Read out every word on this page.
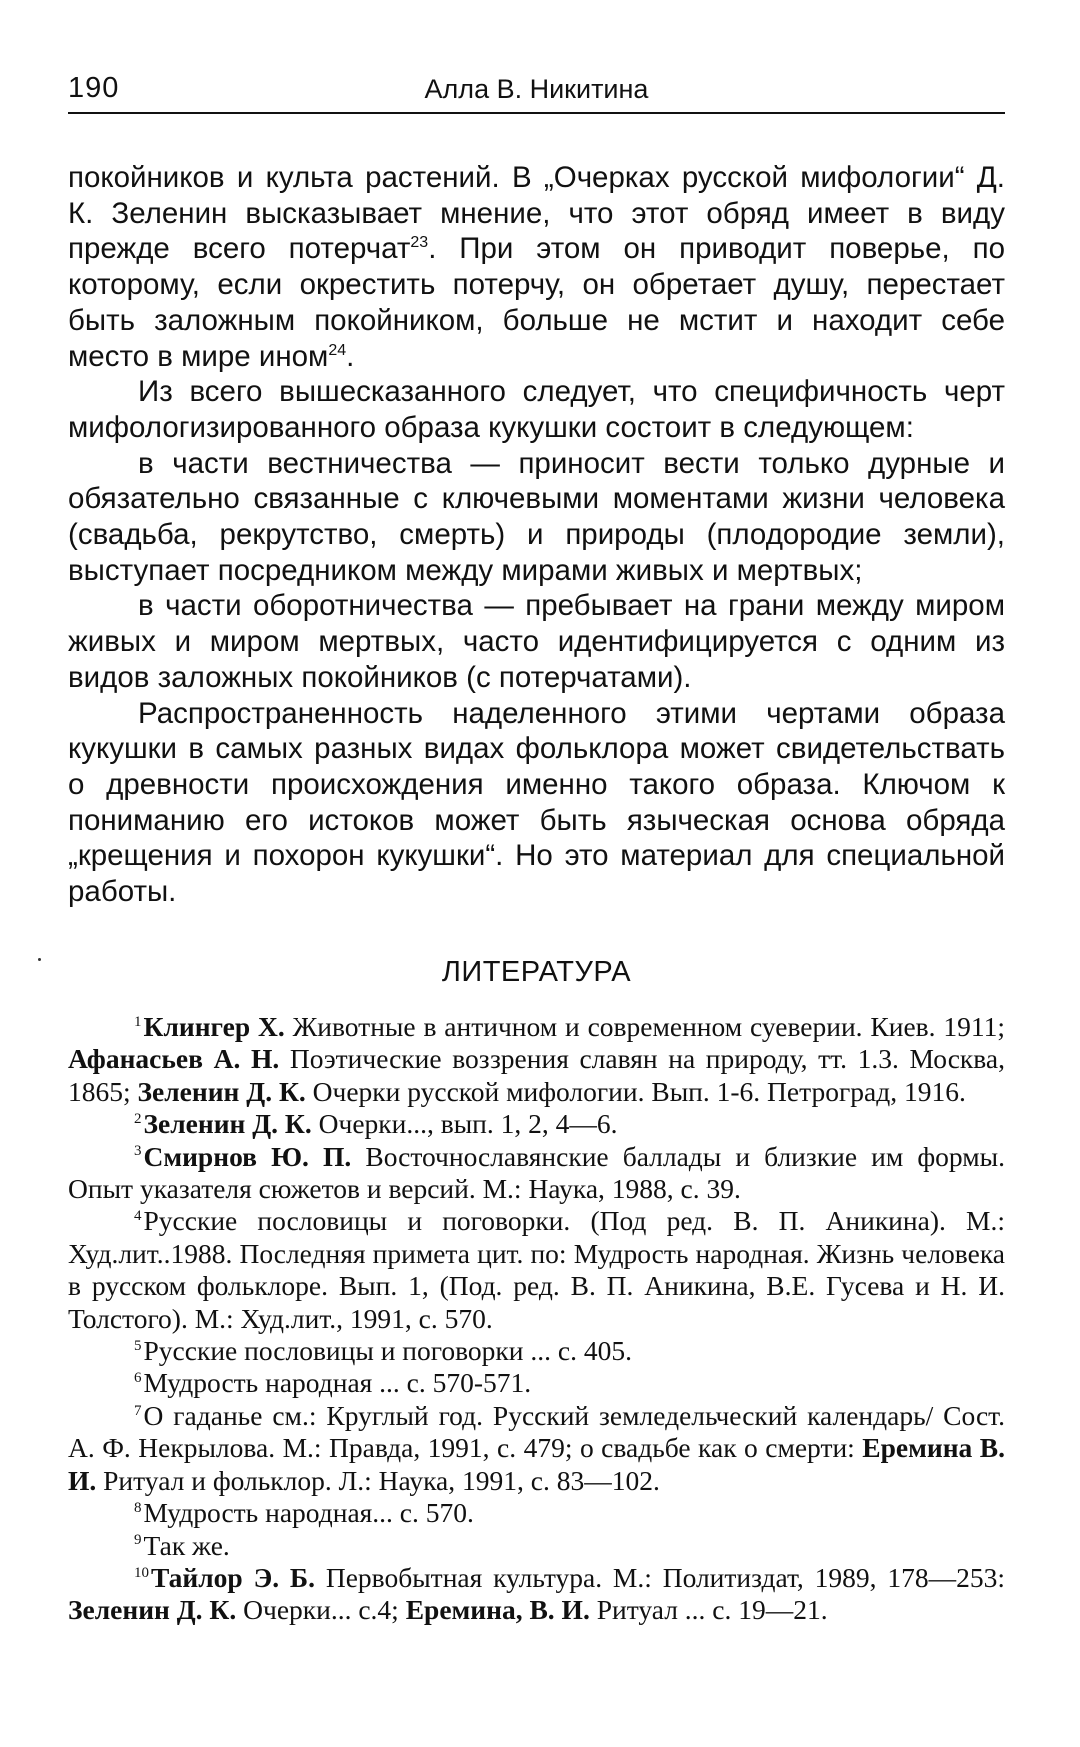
190	Алла В. Никитина

покойников и культа растений. В „Очерках русской мифологии“ Д. К. Зеленин высказывает мнение, что этот обряд имеет в виду прежде всего потерчат$^{23}$. При этом он приводит поверье, по которому, если окрестить потерчу, он обретает душу, перестает быть заложным покойником, больше не мстит и находит себе место в мире ином$^{24}$.

Из всего вышесказанного следует, что специфичность черт мифологизированного образа кукушки состоит в следующем:

в части вестничества — приносит вести только дурные и обязательно связанные с ключевыми моментами жизни человека (свадьба, рекрутство, смерть) и природы (плодородие земли), выступает посредником между мирами живых и мертвых;

в части оборотничества — пребывает на грани между миром живых и миром мертвых, часто идентифицируется с одним из видов заложных покойников (с потерчатами).

Распространенность наделенного этими чертами образа кукушки в самых разных видах фольклора может свидетельствать о древности происхождения именно такого образа. Ключом к пониманию его истоков может быть языческая основа обряда „крещения и похорон кукушки“. Но это материал для специальной работы.

ЛИТЕРАТУРА

$^1$Клингер Х. Животные в античном и современном суеверии. Киев. 1911; Афанасьев А. Н. Поэтические воззрения славян на природу, тт. 1.3. Москва, 1865; Зеленин Д. К. Очерки русской мифологии. Вып. 1-6. Петроград, 1916.

$^2$Зеленин Д. К. Очерки..., вып. 1, 2, 4—6.

$^3$Смирнов Ю. П. Восточнославянские баллады и близкие им формы. Опыт указателя сюжетов и версий. М.: Наука, 1988, с. 39.

$^4$Русские пословицы и поговорки. (Под ред. В. П. Аникина). М.: Худ.лит..1988. Последняя примета цит. по: Мудрость народная. Жизнь человека в русском фольклоре. Вып. 1, (Под. ред. В. П. Аникина, В.Е. Гусева и Н. И. Толстого). М.: Худ.лит., 1991, с. 570.

$^5$Русские пословицы и поговорки ... с. 405.

$^6$Мудрость народная ... с. 570-571.

$^7$О гаданье см.: Круглый год. Русский земледельческий календарь/ Сост. А. Ф. Некрылова. М.: Правда, 1991, с. 479; о свадьбе как о смерти: Еремина В. И. Ритуал и фольклор. Л.: Наука, 1991, с. 83—102.

$^8$Мудрость народная... с. 570.

$^9$Так же.

$^{10}$Тайлор Э. Б. Первобытная культура. М.: Политиздат, 1989, 178—253: Зеленин Д. К. Очерки... с.4; Еремина, В. И. Ритуал ... с. 19—21.
